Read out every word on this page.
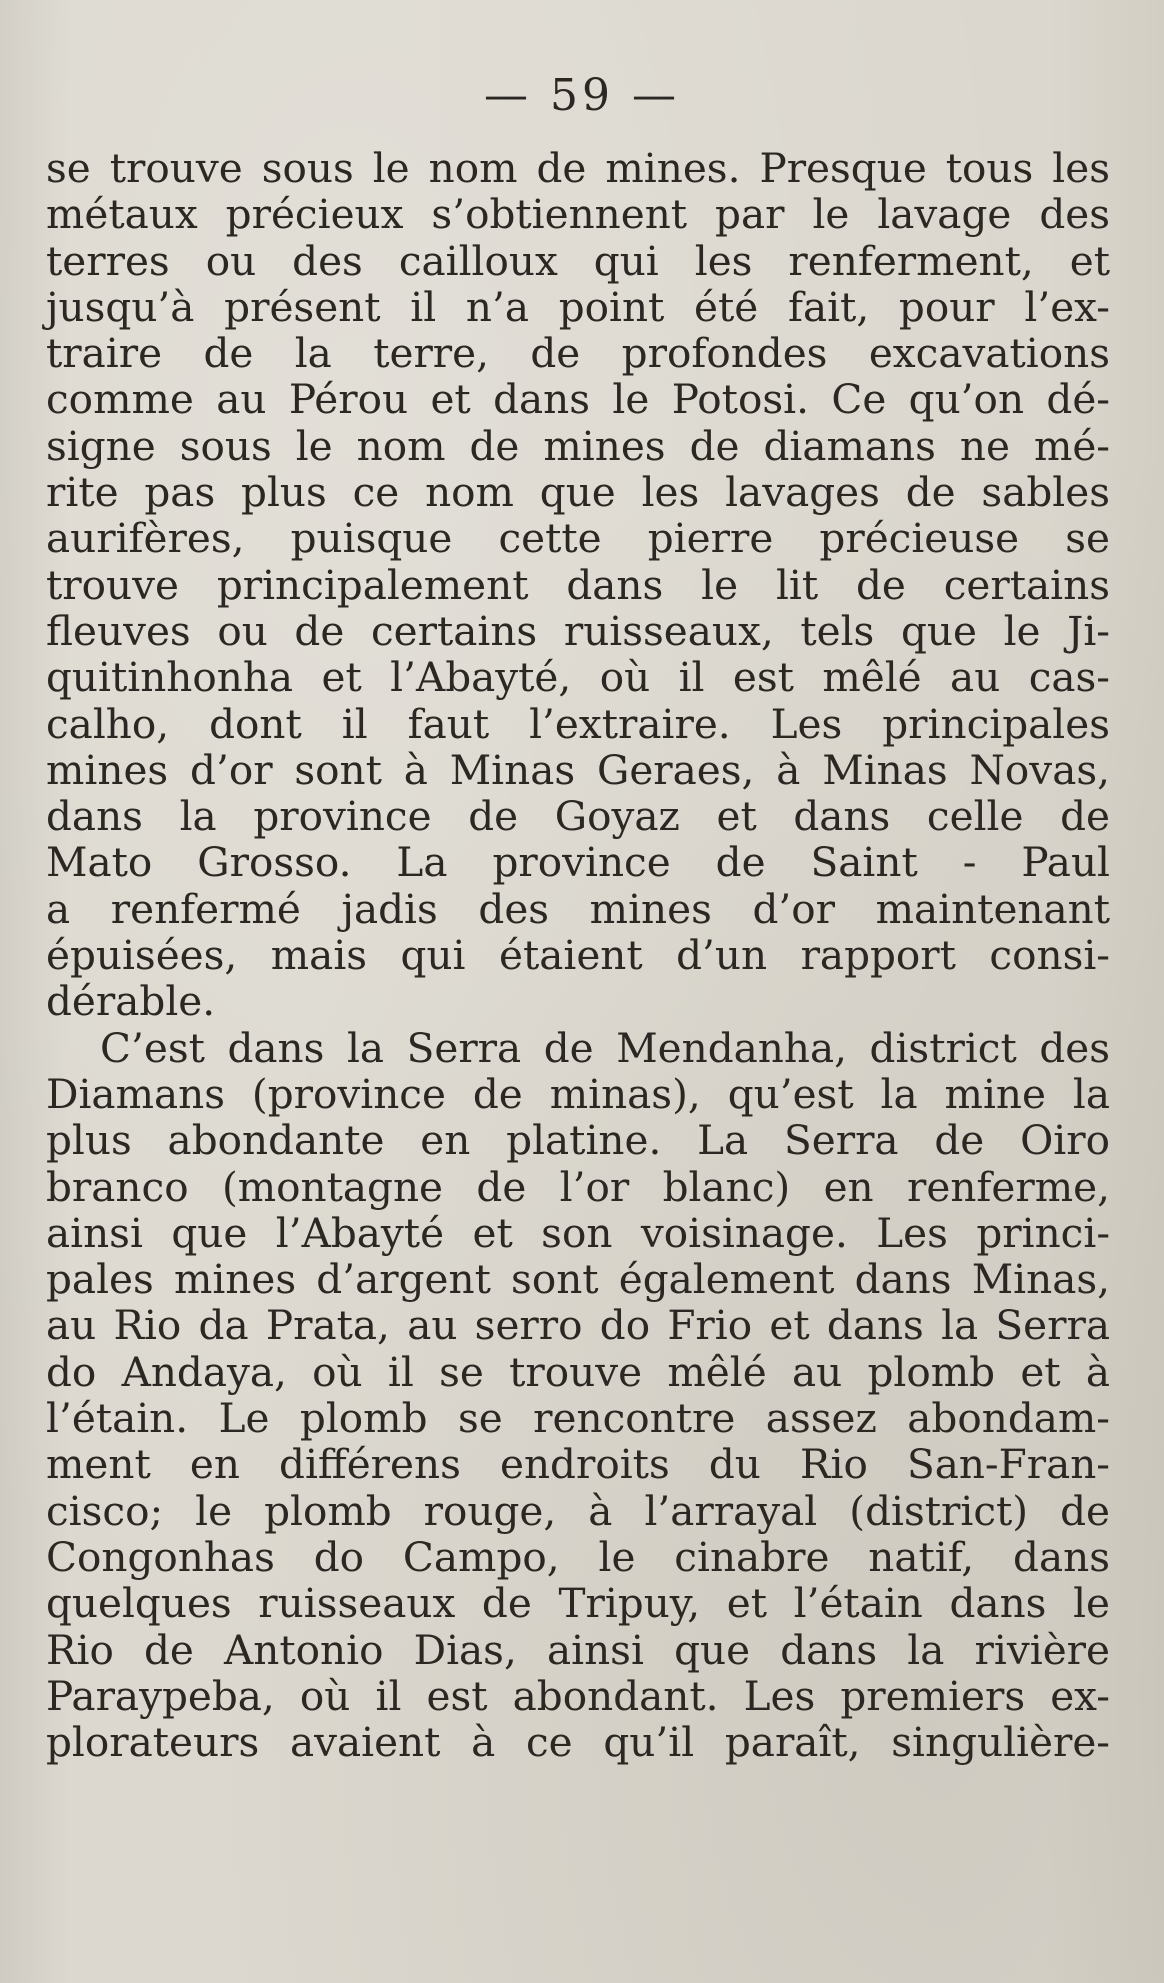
— 59 —
se trouve sous le nom de mines. Presque tous les
métaux précieux s’obtiennent par le lavage des
terres ou des cailloux qui les renferment, et
jusqu’à présent il n’a point été fait, pour l’ex-
traire de la terre, de profondes excavations
comme au Pérou et dans le Potosi. Ce qu’on dé-
signe sous le nom de mines de diamans ne mé-
rite pas plus ce nom que les lavages de sables
aurifères, puisque cette pierre précieuse se
trouve principalement dans le lit de certains
fleuves ou de certains ruisseaux, tels que le Ji-
quitinhonha et l’Abayté, où il est mêlé au cas-
calho, dont il faut l’extraire. Les principales
mines d’or sont à Minas Geraes, à Minas Novas,
dans la province de Goyaz et dans celle de
Mato Grosso. La province de Saint - Paul
a renfermé jadis des mines d’or maintenant
épuisées, mais qui étaient d’un rapport consi-
dérable.
C’est dans la Serra de Mendanha, district des
Diamans (province de minas), qu’est la mine la
plus abondante en platine. La Serra de Oiro
branco (montagne de l’or blanc) en renferme,
ainsi que l’Abayté et son voisinage. Les princi-
pales mines d’argent sont également dans Minas,
au Rio da Prata, au serro do Frio et dans la Serra
do Andaya, où il se trouve mêlé au plomb et à
l’étain. Le plomb se rencontre assez abondam-
ment en différens endroits du Rio San-Fran-
cisco; le plomb rouge, à l’arrayal (district) de
Congonhas do Campo, le cinabre natif, dans
quelques ruisseaux de Tripuy, et l’étain dans le
Rio de Antonio Dias, ainsi que dans la rivière
Paraypeba, où il est abondant. Les premiers ex-
plorateurs avaient à ce qu’il paraît, singulière-
